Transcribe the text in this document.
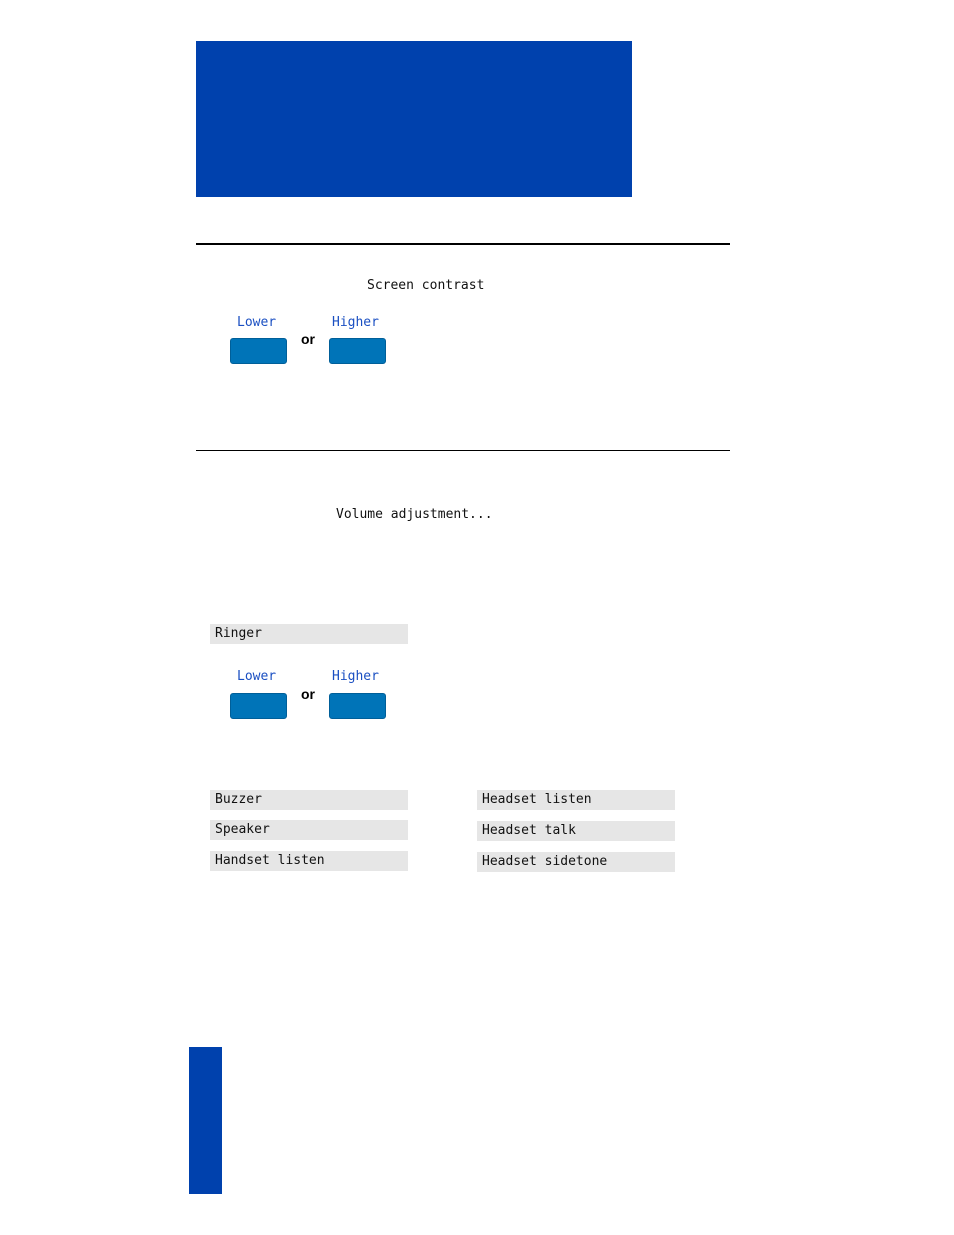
Screen contrast
Lower	Higher
or
Volume adjustment...
Ringer
Lower	Higher
or
Buzzer
Speaker
Handset listen
Headset listen
Headset talk
Headset sidetone
